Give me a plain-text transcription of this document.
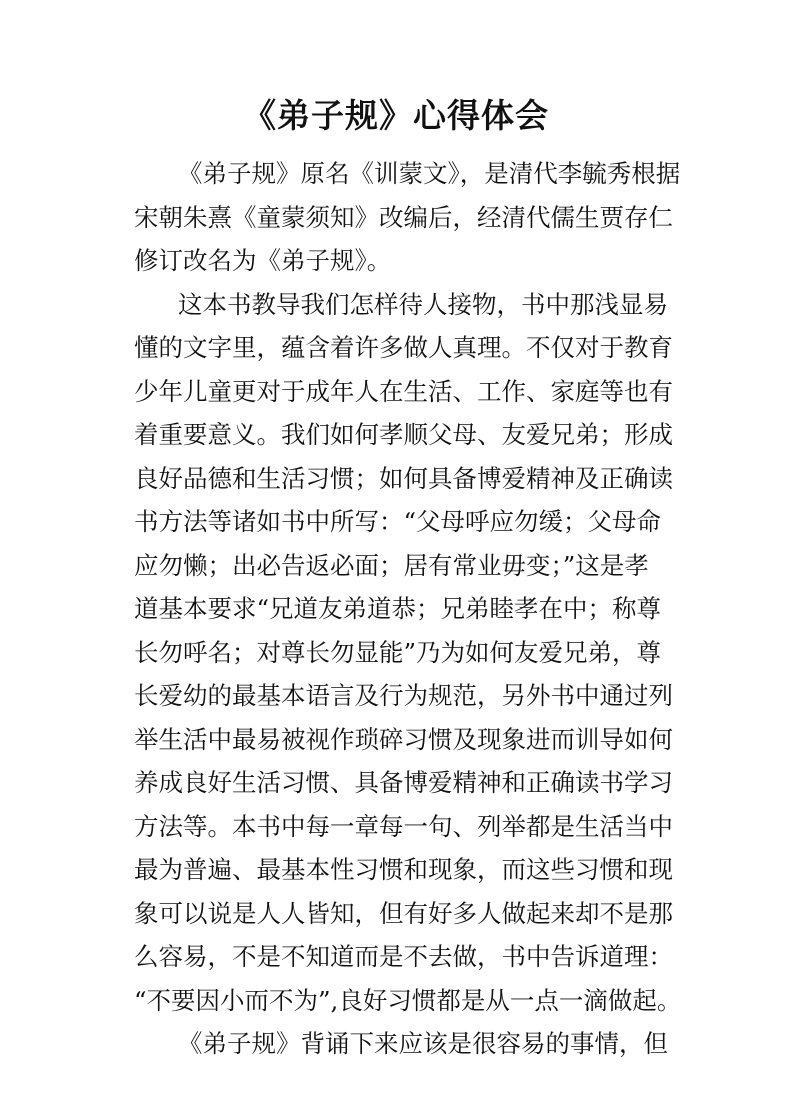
《弟子规》心得体会
《弟子规》原名《训蒙文》，是清代李毓秀根据
宋朝朱熹《童蒙须知》改编后，经清代儒生贾存仁
修订改名为《弟子规》。
这本书教导我们怎样待人接物，书中那浅显易
懂的文字里，蕴含着许多做人真理。不仅对于教育
少年儿童更对于成年人在生活、工作、家庭等也有
着重要意义。我们如何孝顺父母、友爱兄弟；形成
良好品德和生活习惯；如何具备博爱精神及正确读
书方法等诸如书中所写：“父母呼应勿缓；父母命
应勿懒；出必告返必面；居有常业毋变；”这是孝
道基本要求“兄道友弟道恭；兄弟睦孝在中；称尊
长勿呼名；对尊长勿显能”乃为如何友爱兄弟，尊
长爱幼的最基本语言及行为规范，另外书中通过列
举生活中最易被视作琐碎习惯及现象进而训导如何
养成良好生活习惯、具备博爱精神和正确读书学习
方法等。本书中每一章每一句、列举都是生活当中
最为普遍、最基本性习惯和现象，而这些习惯和现
象可以说是人人皆知，但有好多人做起来却不是那
么容易，不是不知道而是不去做，书中告诉道理：
“不要因小而不为”,良好习惯都是从一点一滴做起。
《弟子规》背诵下来应该是很容易的事情，但
